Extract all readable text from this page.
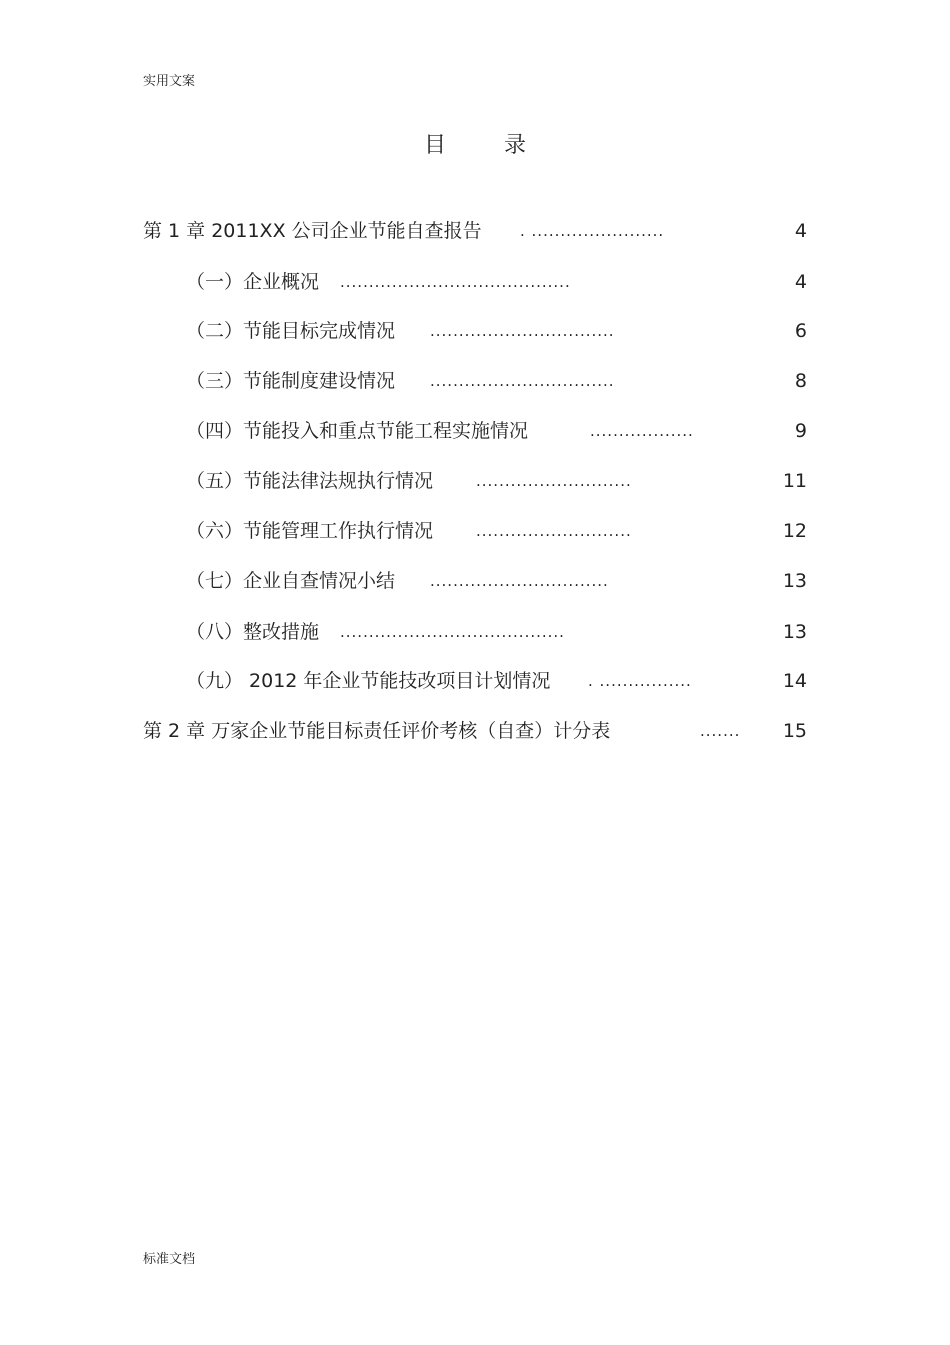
实用文案
目录
第 1 章 2011XX 公司企业节能自查报告	. .......................	4
（一）企业概况 ........................................	4
（二）节能目标完成情况 ................................	6
（三）节能制度建设情况 ................................	8
（四）节能投入和重点节能工程实施情况	..................	9
（五）节能法律法规执行情况	...........................	11
（六）节能管理工作执行情况	...........................	12
（七）企业自查情况小结 ...............................	13
（八）整改措施 .......................................	13
（九） 2012 年企业节能技改项目计划情况	. ................	14
第 2 章 万家企业节能目标责任评价考核（自查）计分表	....... 15
标准文档
